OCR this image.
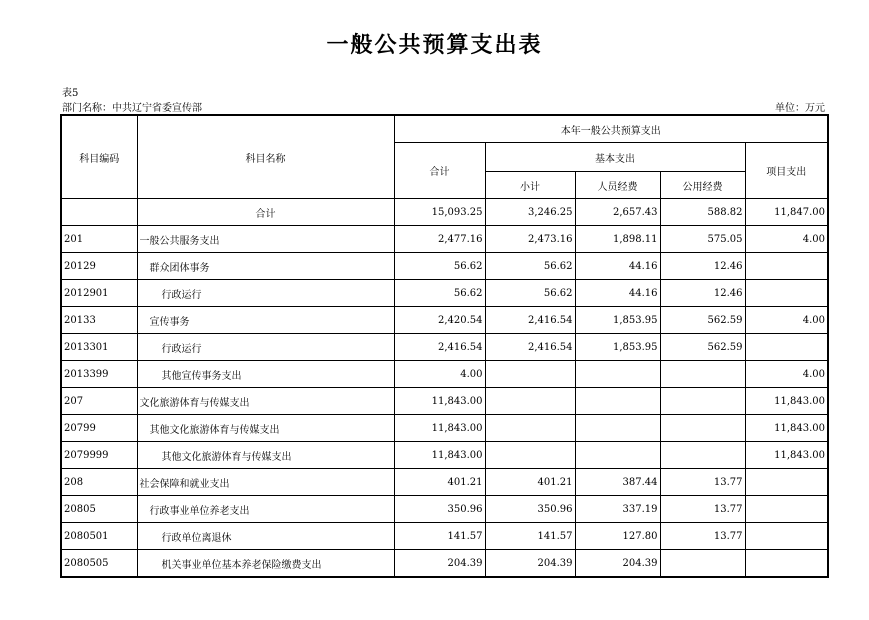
一般公共预算支出表
表5
部门名称：中共辽宁省委宣传部	单位：万元
科目编码	科目名称	本年一般公共预算支出				
		合计	基本支出			项目支出
			小计	人员经费	公用经费	
	合计	15,093.25	3,246.25	2,657.43	588.82	11,847.00
201	一般公共服务支出	2,477.16	2,473.16	1,898.11	575.05	4.00
20129	群众团体事务	56.62	56.62	44.16	12.46	
2012901	行政运行	56.62	56.62	44.16	12.46	
20133	宣传事务	2,420.54	2,416.54	1,853.95	562.59	4.00
2013301	行政运行	2,416.54	2,416.54	1,853.95	562.59	
2013399	其他宣传事务支出	4.00				4.00
207	文化旅游体育与传媒支出	11,843.00				11,843.00
20799	其他文化旅游体育与传媒支出	11,843.00				11,843.00
2079999	其他文化旅游体育与传媒支出	11,843.00				11,843.00
208	社会保障和就业支出	401.21	401.21	387.44	13.77	
20805	行政事业单位养老支出	350.96	350.96	337.19	13.77	
2080501	行政单位离退休	141.57	141.57	127.80	13.77	
2080505	机关事业单位基本养老保险缴费支出	204.39	204.39	204.39		
